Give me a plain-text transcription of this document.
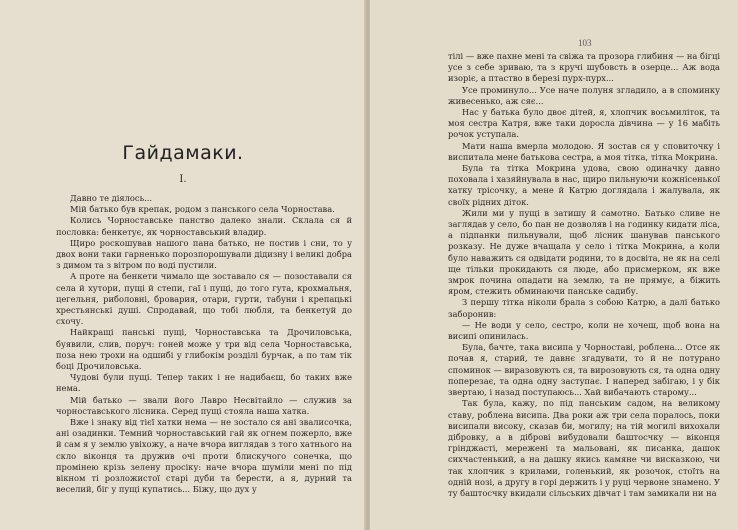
Гайдамаки.
I.

Давно те діялось...

Мій батько був крепак, родом з панського села Чорностава.

Колись Чорноставське панство далеко знали. Склала ся й пословка: бенкетує, як чорноставський владир.

Щиро роскошував нашого пана батько, не постив і сни, то у двох вони таки гарненько порозпорошували дідизну і великі добра з димом та з вітром по воді пустили.

А проте на бенкети чимало ще зоставало ся — позоставали ся села й хутори, пущі й степи, гаї і пущі, до того гута, крохмальня, цегельня, риболовні, бровария, отари, гурти, табуни і крепацькі хрестьянські душі. Спродавай, що тобі любля, та бенкетуй до схочу.

Найкращі панські пущі, Чорноставська та Дрочиловська, буявили, слив, поруч: гоней може у три від села Чорноставська, поза нею трохи на одшибі у глибокім розділі бурчак, а по там тік боці Дрочиловська.

Чудові були пущі. Тепер таких і не надибаєш, бо таких вже нема.

Мій батько — звали його Лавро Несвітайло — служив за чорноставського лісника. Серед пущі стояла наша хатка.

Вже і знаку від тієї хатки нема — не зостало ся ані звалисочка, ані озадинки. Темний чорноставський гай як огнем пожерло, вже й сам я у землю увіхожу, а наче вчора виглядав з того хатнього на скло віконця та дружив очі проти блискучого сонечка, що промінею крізь зелену просіку: наче вчора шуміли мені по під вікном ті розложистої старі дуби та берести, а я, дурний та веселий, біг у пущі купатись... Біжу, що дух у

103

тілі — вже пахне мені та свіжа та прозора глибиня — на бігці усе з себе зриваю, та з кручі шубовсть в озерце... Аж вода изоріє, а птаство в березі пурх-пурх...

Усе проминуло... Усе наче полуня згладило, а в споминку живесенько, аж сяє...

Нас у батька було двоє дітей, я, хлопчик восьмиліток, та моя сестра Катря, вже таки доросла дівчина — у 16 мабіть рочок уступала.

Мати наша вмерла молодою. Я зостав ся у сповиточку і виспитала мене батькова сестра, а моя тітка, тітка Мокрина.

Була та тітка Мокрина удова, свою одиначку давно поховала і хазяйнувала в нас, щиро пильнуючи кожнісенької хатку трісочку, а мене й Катрю доглядала і жалувала, як своїх рідних діток.

Жили ми у пущі в затишу й самотно. Батько сливе не заглядав у село, бо пан не дозволяв і на годинку кидати ліса, а підпанки пильнували, щоб лісник шанував панського розказу. Не дуже вчащала у село і тітка Мокрина, а коли було наважить ся одвідати родини, то в досвіта, не як на селі ще тільки прокидають ся люде, або присмерком, як вже змрок почина опадати на землю, та не прямує, а біжить яром, стежить обминаючи панське садибу.

З першу тітка ніколи брала з собою Катрю, а далі батько заборонив:

— Не води у село, сестро, коли не хочеш, щоб вона на висипі опинилась.

Була, бачте, така висипа у Чорноставі, роблена... Отсе як почав я, старий, те давнє згадувати, то й не потурано споминок — виразовують ся, та вирозовують ся, та одна одну поперезає, та одна одну заступає. І наперед забігаю, і у бік звертаю, і назад поступаюсь... Хай вибачають старому...

Так була, кажу, по під панським садом, на великому ставу, роблена висипа. Два роки аж три села поралось, поки висипали високу, сказав би, могилу; на тій могилі вихохали дібровку, а в діброві вибудовали баштосчку — віконця грінджасті, мережені та мальовані, як писанка, дашок сихчастенький, а на дашку якись камяне чи висказкою, чи так хлопчик з крилами, голенький, як розочок, стоїть на одній нозі, а другу в горі держить і у руці червоне знамено. У ту баштосчку вкидали сільських дівчат і там замикали ни на
